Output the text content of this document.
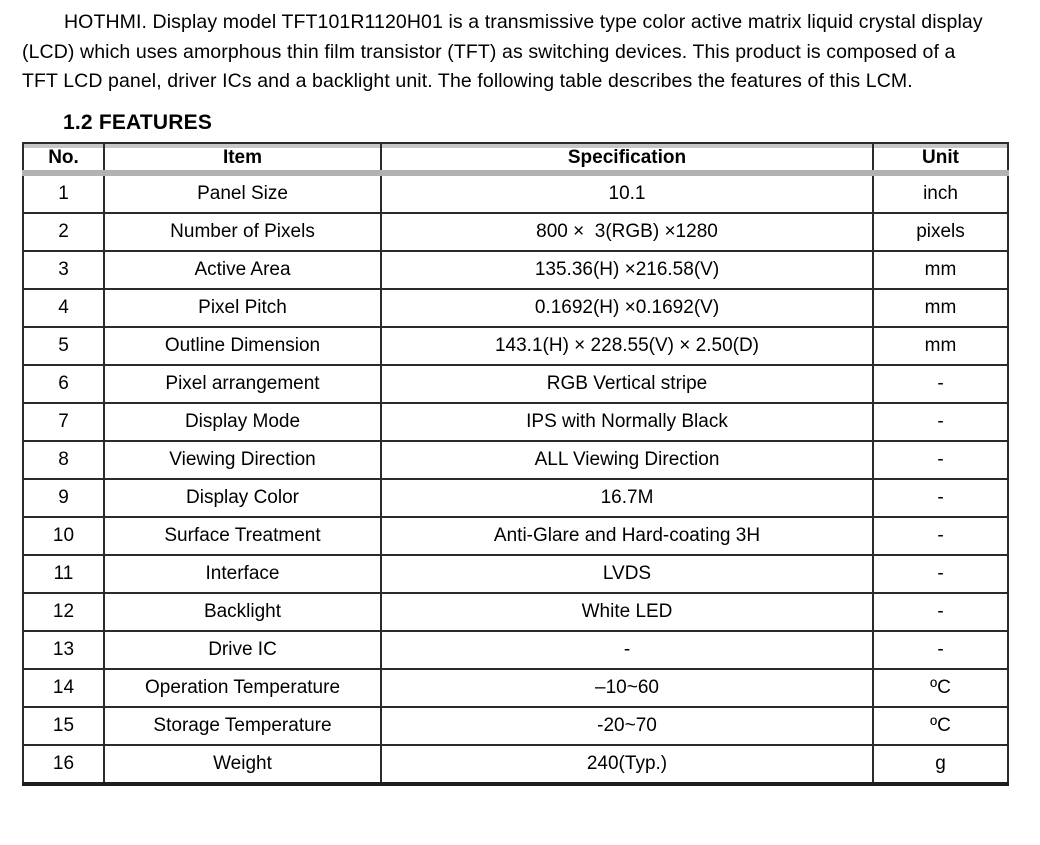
HOTHMI. Display model TFT101R1120H01 is a transmissive type color active matrix liquid crystal display (LCD) which uses amorphous thin film transistor (TFT) as switching devices. This product is composed of a TFT LCD panel, driver ICs and a backlight unit. The following table describes the features of this LCM.

1.2 FEATURES
No.	Item	Specification	Unit
1	Panel Size	10.1	inch
2	Number of Pixels	800 ×  3(RGB) ×1280	pixels
3	Active Area	135.36(H) ×216.58(V)	mm
4	Pixel Pitch	0.1692(H) ×0.1692(V)	mm
5	Outline Dimension	143.1(H) × 228.55(V) × 2.50(D)	mm
6	Pixel arrangement	RGB Vertical stripe	-
7	Display Mode	IPS with Normally Black	-
8	Viewing Direction	ALL Viewing Direction	-
9	Display Color	16.7M	-
10	Surface Treatment	Anti-Glare and Hard-coating 3H	-
11	Interface	LVDS	-
12	Backlight	White LED	-
13	Drive IC	-	-
14	Operation Temperature	–10~60	ºC
15	Storage Temperature	-20~70	ºC
16	Weight	240(Typ.)	g
